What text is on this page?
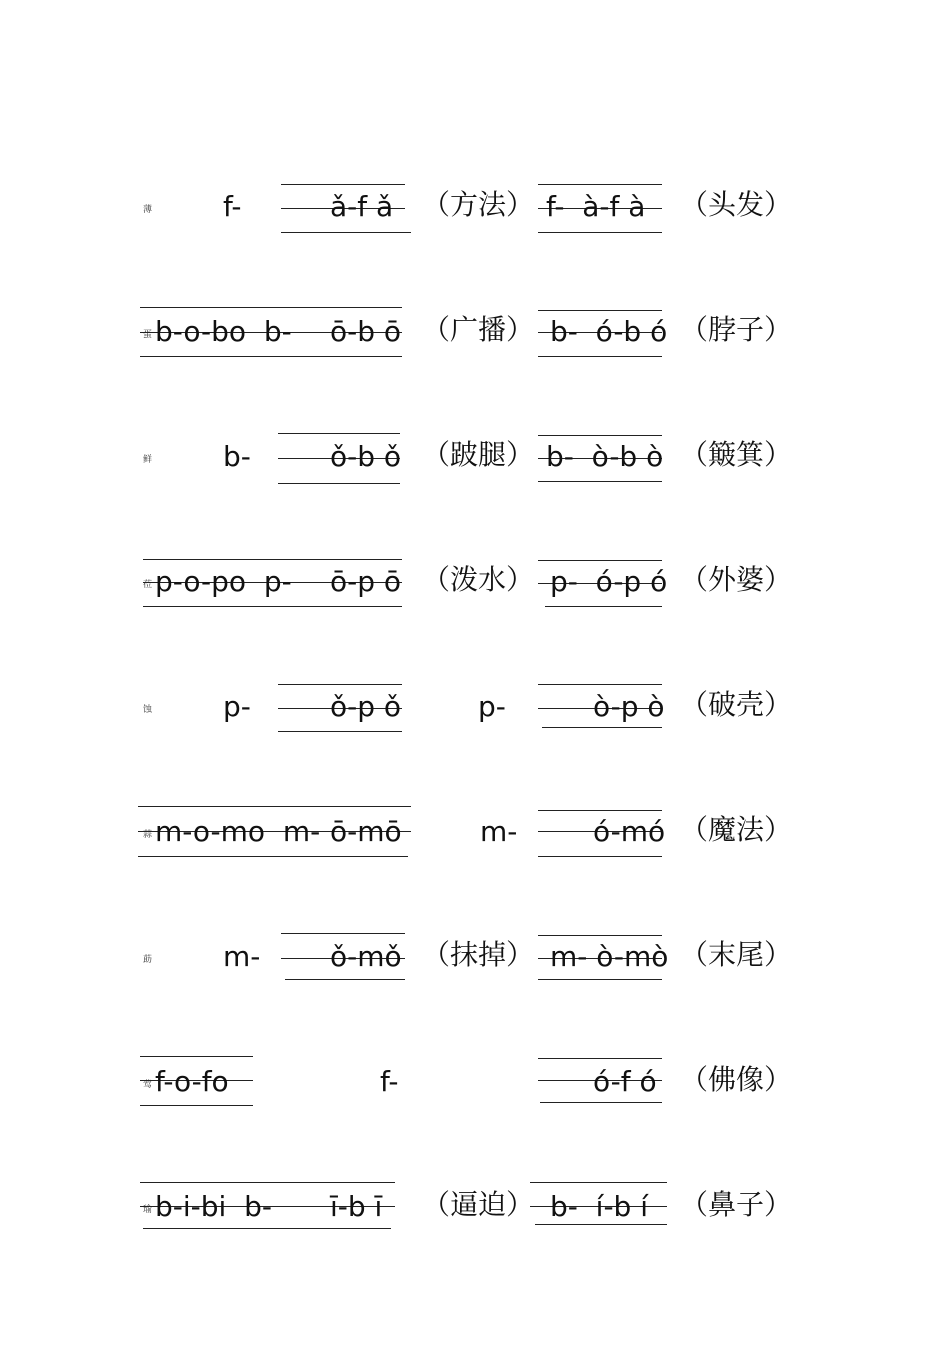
薄	f-	ǎ-f ǎ （方法） f-  à-f à （头发）
蛋 b-o-bo  b- ō-b ō （广播） b-  ó-b ó （脖子）
鲜	b-	ǒ-b ǒ （跛腿） b-  ò-b ò （簸箕）
莅 p-o-po  p- ō-p ō （泼水） p-  ó-p ó （外婆）
蚀	p-	ǒ-p ǒ	p-	ò-p ò （破壳）
蒜 m-o-mo  m- ō-mō	m-	ó-mó （魔法）
莇	m- ǒ-mǒ （抹掉） m- ò-mò （末尾）
莺 f-o-fo	f-	ó-f ó （佛像）
瑜 b-i-bi  b- ī-b ī （逼迫） b-  í-b í （鼻子）
